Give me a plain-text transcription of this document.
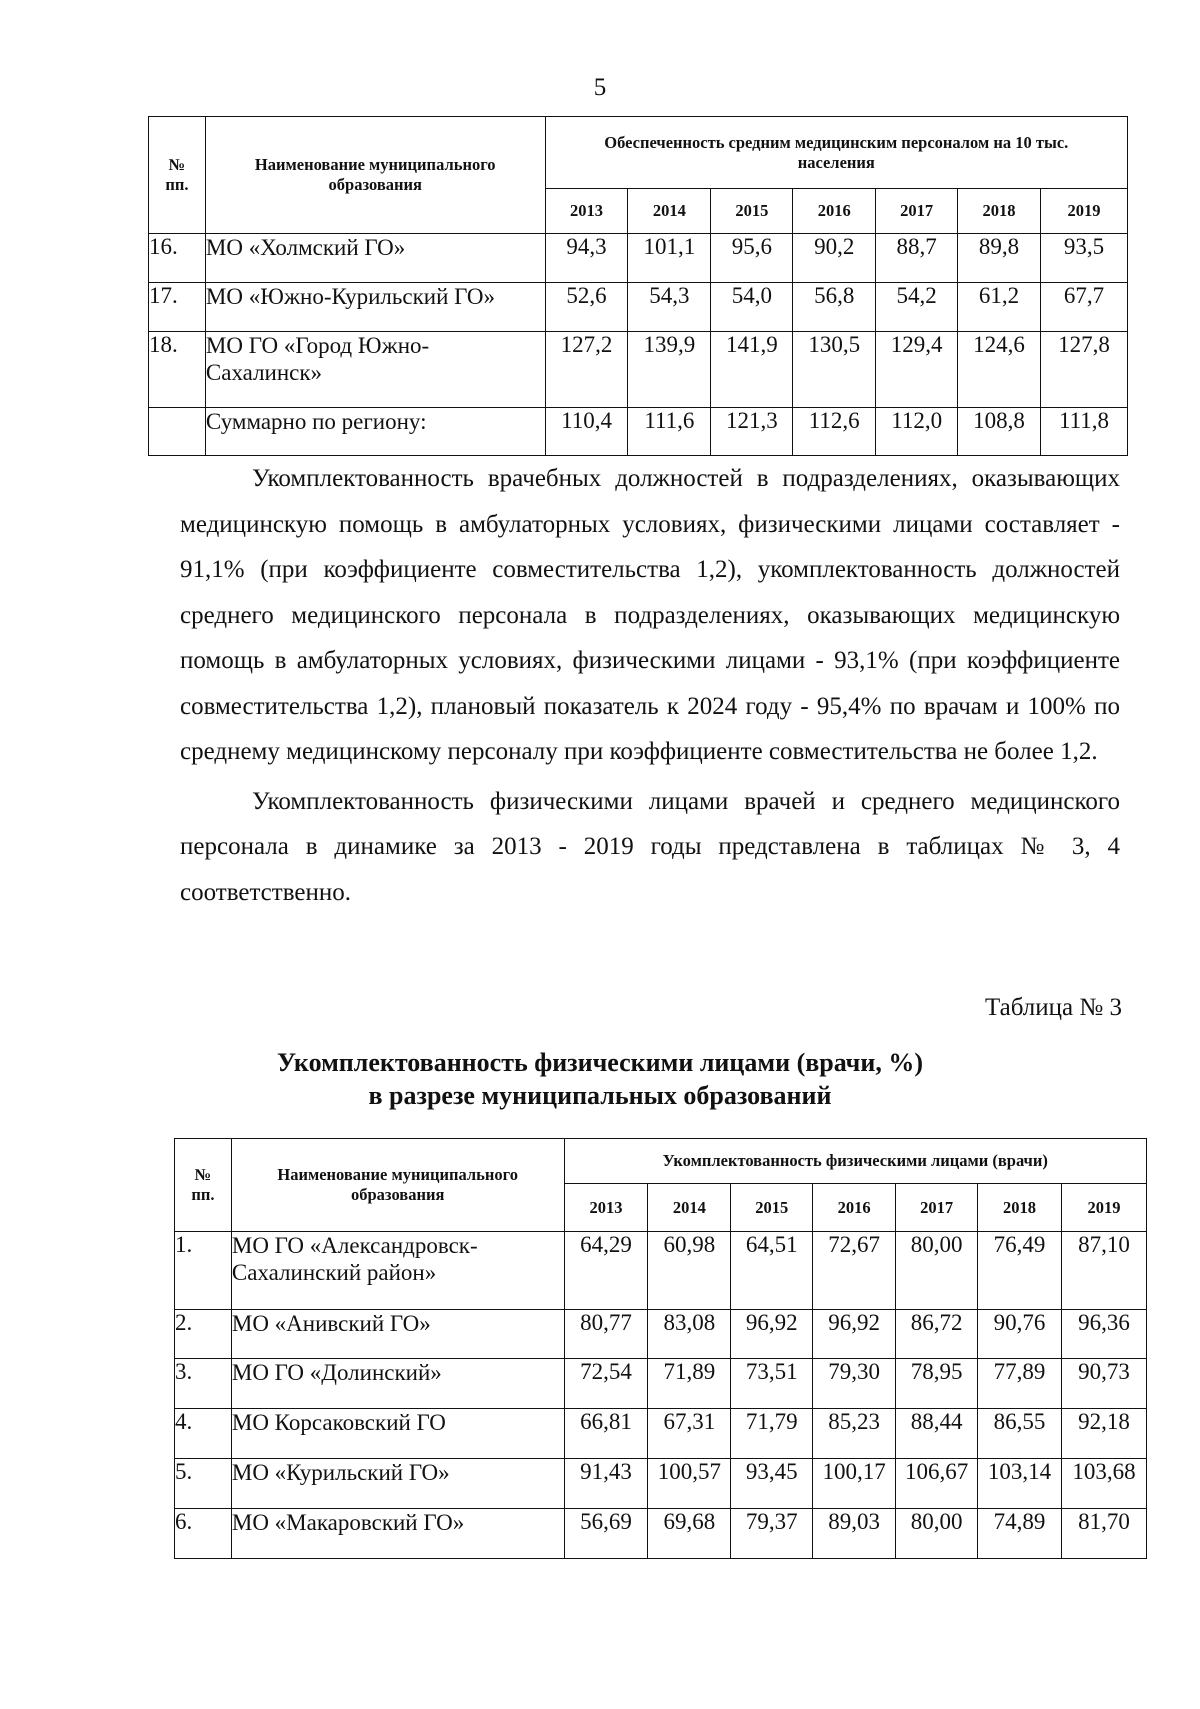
5
№
пп.	Наименование муниципального образования	Обеспеченность средним медицинским персоналом на 10 тыс. населения						
		2013	2014	2015	2016	2017	2018	2019
16.	МО «Холмский ГО»	94,3	101,1	95,6	90,2	88,7	89,8	93,5
17.	МО «Южно-Курильский ГО»	52,6	54,3	54,0	56,8	54,2	61,2	67,7
18.	МО ГО «Город Южно-Сахалинск»	127,2	139,9	141,9	130,5	129,4	124,6	127,8
	Суммарно по региону:	110,4	111,6	121,3	112,6	112,0	108,8	111,8

Укомплектованность врачебных должностей в подразделениях, оказывающих медицинскую помощь в амбулаторных условиях, физическими лицами составляет - 91,1% (при коэффициенте совместительства 1,2), укомплектованность должностей среднего медицинского персонала в подразделениях, оказывающих медицинскую помощь в амбулаторных условиях, физическими лицами - 93,1% (при коэффициенте совместительства 1,2), плановый показатель к 2024 году - 95,4% по врачам и 100% по среднему медицинскому персоналу при коэффициенте совместительства не более 1,2.

Укомплектованность физическими лицами врачей и среднего медицинского персонала в динамике за 2013 - 2019 годы представлена в таблицах № 3, 4 соответственно.

Таблица № 3
Укомплектованность физическими лицами (врачи, %)
в разрезе муниципальных образований
№
пп.	Наименование муниципального образования	Укомплектованность физическими лицами (врачи)						
		2013	2014	2015	2016	2017	2018	2019
1.	МО ГО «Александровск-Сахалинский район»	64,29	60,98	64,51	72,67	80,00	76,49	87,10
2.	МО «Анивский ГО»	80,77	83,08	96,92	96,92	86,72	90,76	96,36
3.	МО ГО «Долинский»	72,54	71,89	73,51	79,30	78,95	77,89	90,73
4.	МО Корсаковский ГО	66,81	67,31	71,79	85,23	88,44	86,55	92,18
5.	МО «Курильский ГО»	91,43	100,57	93,45	100,17	106,67	103,14	103,68
6.	МО «Макаровский ГО»	56,69	69,68	79,37	89,03	80,00	74,89	81,70
